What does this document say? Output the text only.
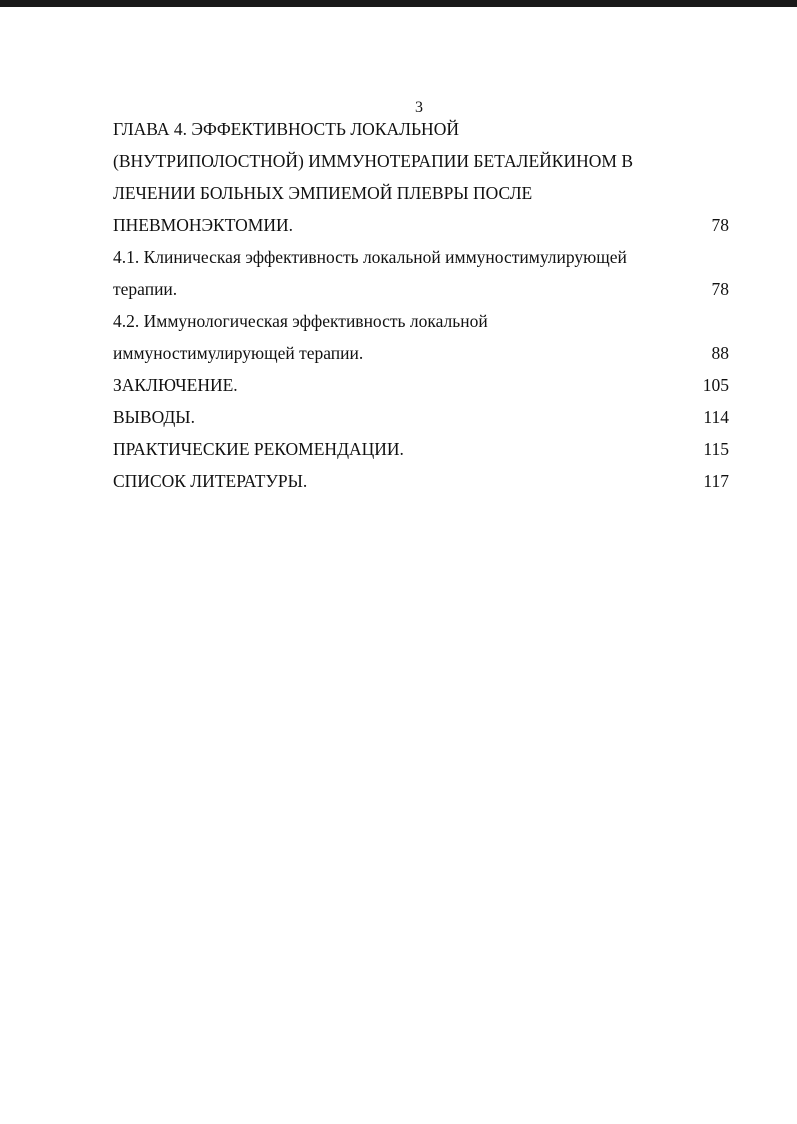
3
ГЛАВА 4. ЭФФЕКТИВНОСТЬ ЛОКАЛЬНОЙ
(ВНУТРИПОЛОСТНОЙ) ИММУНОТЕРАПИИ БЕТАЛЕЙКИНОМ В
ЛЕЧЕНИИ БОЛЬНЫХ ЭМПИЕМОЙ ПЛЕВРЫ ПОСЛЕ
ПНЕВМОНЭКТОМИИ.	78
4.1. Клиническая эффективность локальной иммуностимулирующей
терапии.	78
4.2. Иммунологическая эффективность локальной
иммуностимулирующей терапии.	88
ЗАКЛЮЧЕНИЕ.	105
ВЫВОДЫ.	114
ПРАКТИЧЕСКИЕ РЕКОМЕНДАЦИИ.	115
СПИСОК ЛИТЕРАТУРЫ.	117
